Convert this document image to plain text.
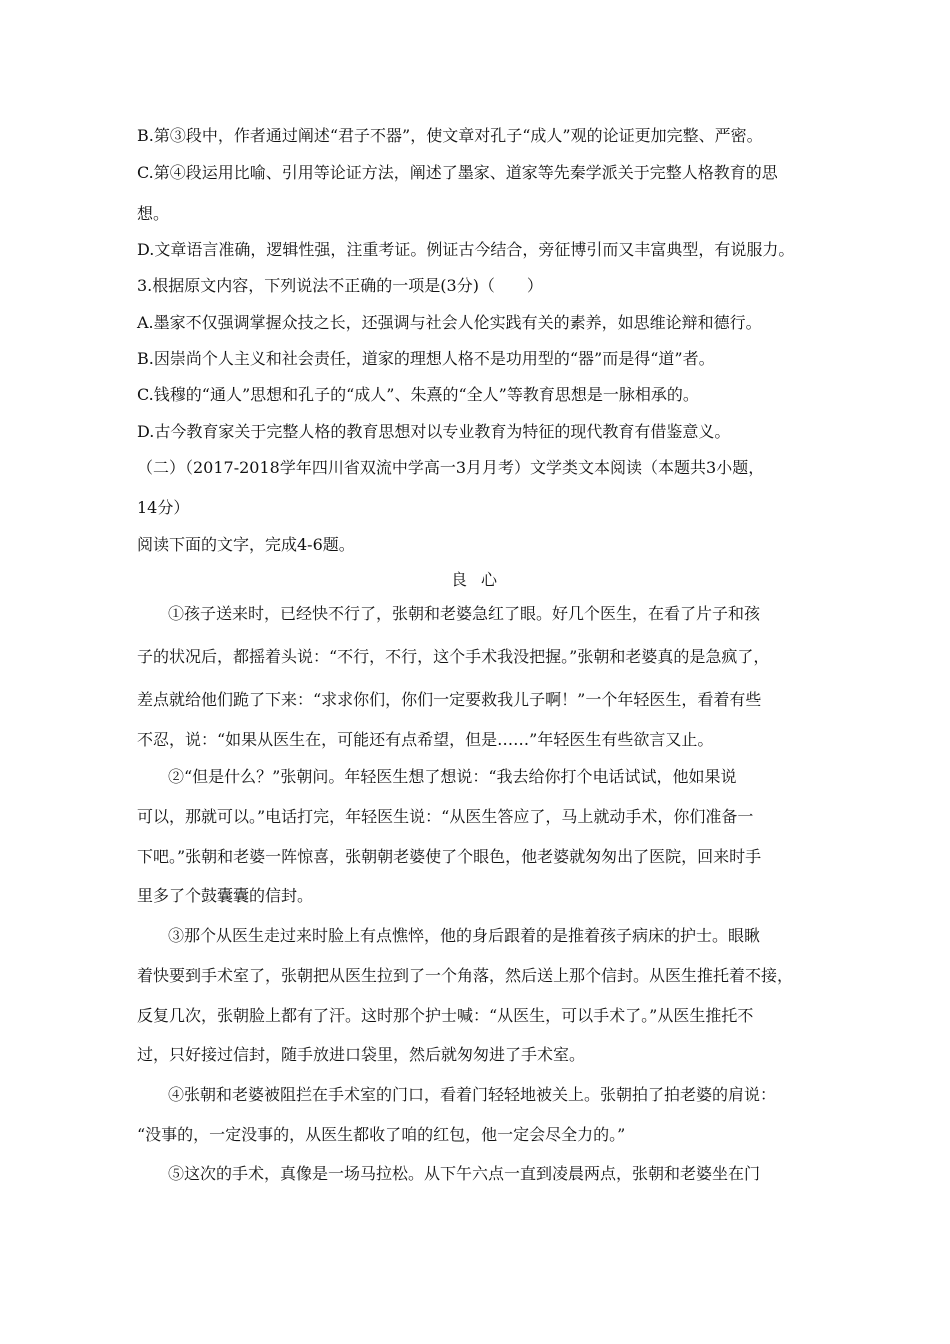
B.第③段中，作者通过阐述“君子不器”，使文章对孔子“成人”观的论证更加完整、严密。
C.第④段运用比喻、引用等论证方法，阐述了墨家、道家等先秦学派关于完整人格教育的思
想。
D.文章语言准确，逻辑性强，注重考证。例证古今结合，旁征博引而又丰富典型，有说服力。
3.根据原文内容，下列说法不正确的一项是(3分)（　　）
A.墨家不仅强调掌握众技之长，还强调与社会人伦实践有关的素养，如思维论辩和德行。
B.因崇尚个人主义和社会责任，道家的理想人格不是功用型的“器”而是得“道”者。
C.钱穆的“通人”思想和孔子的“成人”、朱熹的“全人”等教育思想是一脉相承的。
D.古今教育家关于完整人格的教育思想对以专业教育为特征的现代教育有借鉴意义。
（二）（2017-2018学年四川省双流中学高一3月月考）文学类文本阅读（本题共3小题，
14分）
阅读下面的文字，完成4-6题。
良心
①孩子送来时，已经快不行了，张朝和老婆急红了眼。好几个医生，在看了片子和孩
子的状况后，都摇着头说：“不行，不行，这个手术我没把握。”张朝和老婆真的是急疯了，
差点就给他们跪了下来：“求求你们，你们一定要救我儿子啊！”一个年轻医生，看着有些
不忍，说：“如果从医生在，可能还有点希望，但是……”年轻医生有些欲言又止。
②“但是什么？”张朝问。年轻医生想了想说：“我去给你打个电话试试，他如果说
可以，那就可以。”电话打完，年轻医生说：“从医生答应了，马上就动手术，你们准备一
下吧。”张朝和老婆一阵惊喜，张朝朝老婆使了个眼色，他老婆就匆匆出了医院，回来时手
里多了个鼓囊囊的信封。
③那个从医生走过来时脸上有点憔悴，他的身后跟着的是推着孩子病床的护士。眼瞅
着快要到手术室了，张朝把从医生拉到了一个角落，然后送上那个信封。从医生推托着不接，
反复几次，张朝脸上都有了汗。这时那个护士喊：“从医生，可以手术了。”从医生推托不
过，只好接过信封，随手放进口袋里，然后就匆匆进了手术室。
④张朝和老婆被阻拦在手术室的门口，看着门轻轻地被关上。张朝拍了拍老婆的肩说：
“没事的，一定没事的，从医生都收了咱的红包，他一定会尽全力的。”
⑤这次的手术，真像是一场马拉松。从下午六点一直到凌晨两点，张朝和老婆坐在门
